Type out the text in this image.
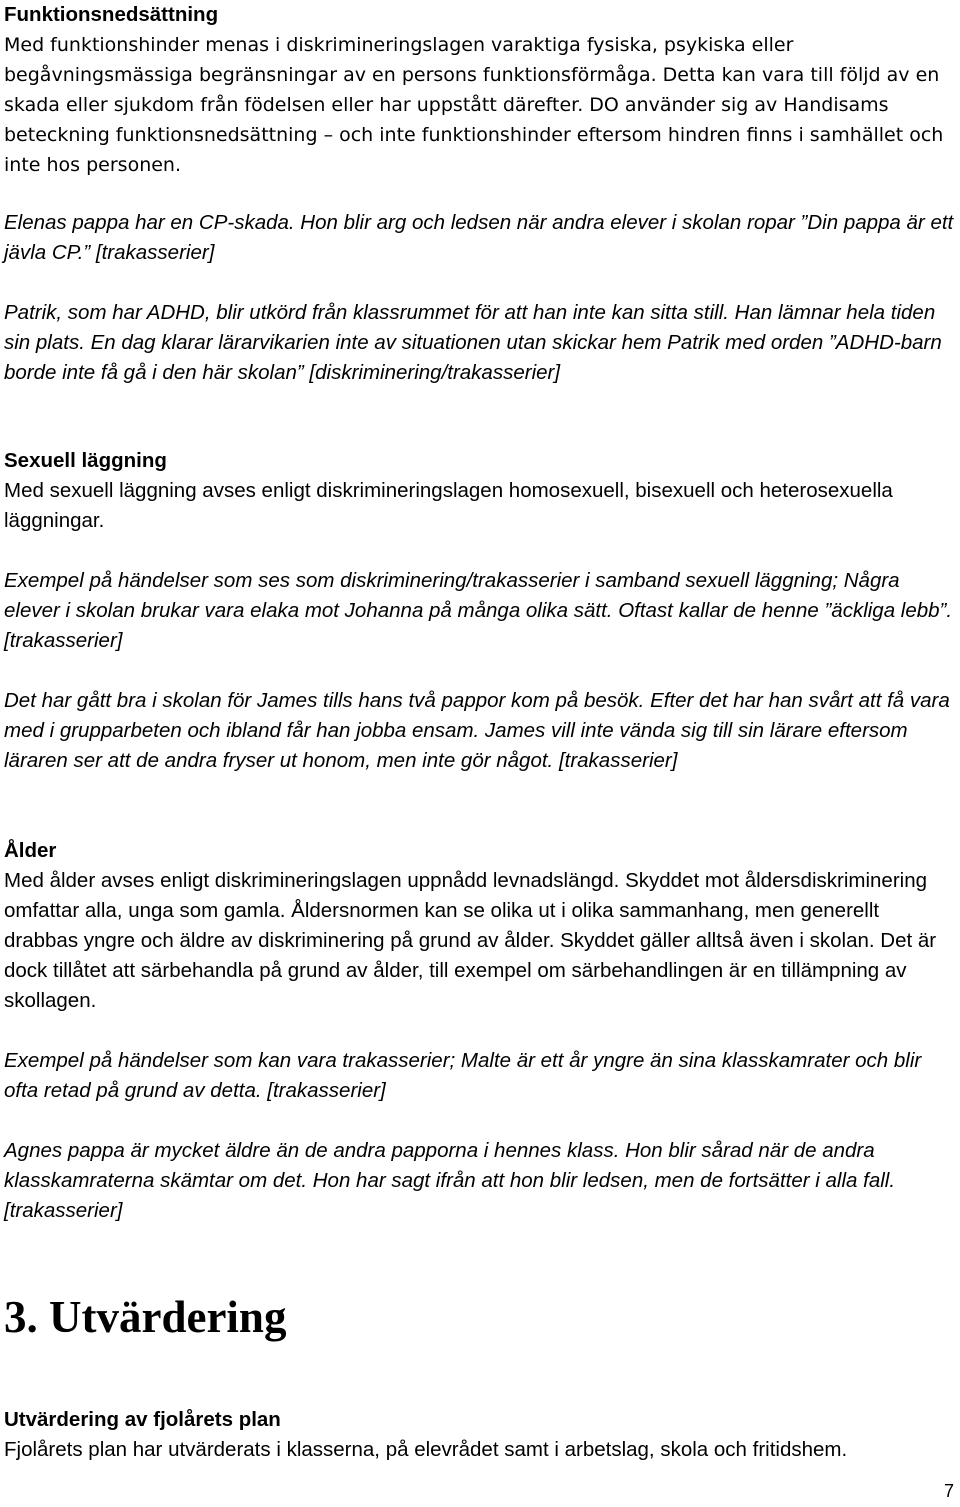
Funktionsnedsättning

Med funktionshinder menas i diskrimineringslagen varaktiga fysiska, psykiska eller begåvningsmässiga begränsningar av en persons funktionsförmåga. Detta kan vara till följd av en skada eller sjukdom från födelsen eller har uppstått därefter. DO använder sig av Handisams beteckning funktionsnedsättning – och inte funktionshinder eftersom hindren finns i samhället och inte hos personen.

Elenas pappa har en CP-skada. Hon blir arg och ledsen när andra elever i skolan ropar ”Din pappa är ett jävla CP.” [trakasserier]

Patrik, som har ADHD, blir utkörd från klassrummet för att han inte kan sitta still. Han lämnar hela tiden sin plats. En dag klarar lärarvikarien inte av situationen utan skickar hem Patrik med orden ”ADHD-barn borde inte få gå i den här skolan” [diskriminering/trakasserier]

Sexuell läggning

Med sexuell läggning avses enligt diskrimineringslagen homosexuell, bisexuell och heterosexuella läggningar.

Exempel på händelser som ses som diskriminering/trakasserier i samband sexuell läggning; Några elever i skolan brukar vara elaka mot Johanna på många olika sätt. Oftast kallar de henne ”äckliga lebb”. [trakasserier]

Det har gått bra i skolan för James tills hans två pappor kom på besök. Efter det har han svårt att få vara med i grupparbeten och ibland får han jobba ensam. James vill inte vända sig till sin lärare eftersom läraren ser att de andra fryser ut honom, men inte gör något. [trakasserier]

Ålder

Med ålder avses enligt diskrimineringslagen uppnådd levnadslängd. Skyddet mot åldersdiskriminering omfattar alla, unga som gamla. Åldersnormen kan se olika ut i olika sammanhang, men generellt drabbas yngre och äldre av diskriminering på grund av ålder. Skyddet gäller alltså även i skolan. Det är dock tillåtet att särbehandla på grund av ålder, till exempel om särbehandlingen är en tillämpning av skollagen.

Exempel på händelser som kan vara trakasserier; Malte är ett år yngre än sina klasskamrater och blir ofta retad på grund av detta. [trakasserier]

Agnes pappa är mycket äldre än de andra papporna i hennes klass. Hon blir sårad när de andra klasskamraterna skämtar om det. Hon har sagt ifrån att hon blir ledsen, men de fortsätter i alla fall. [trakasserier]

3. Utvärdering

Utvärdering av fjolårets plan

Fjolårets plan har utvärderats i klasserna, på elevrådet samt i arbetslag, skola och fritidshem.

7
